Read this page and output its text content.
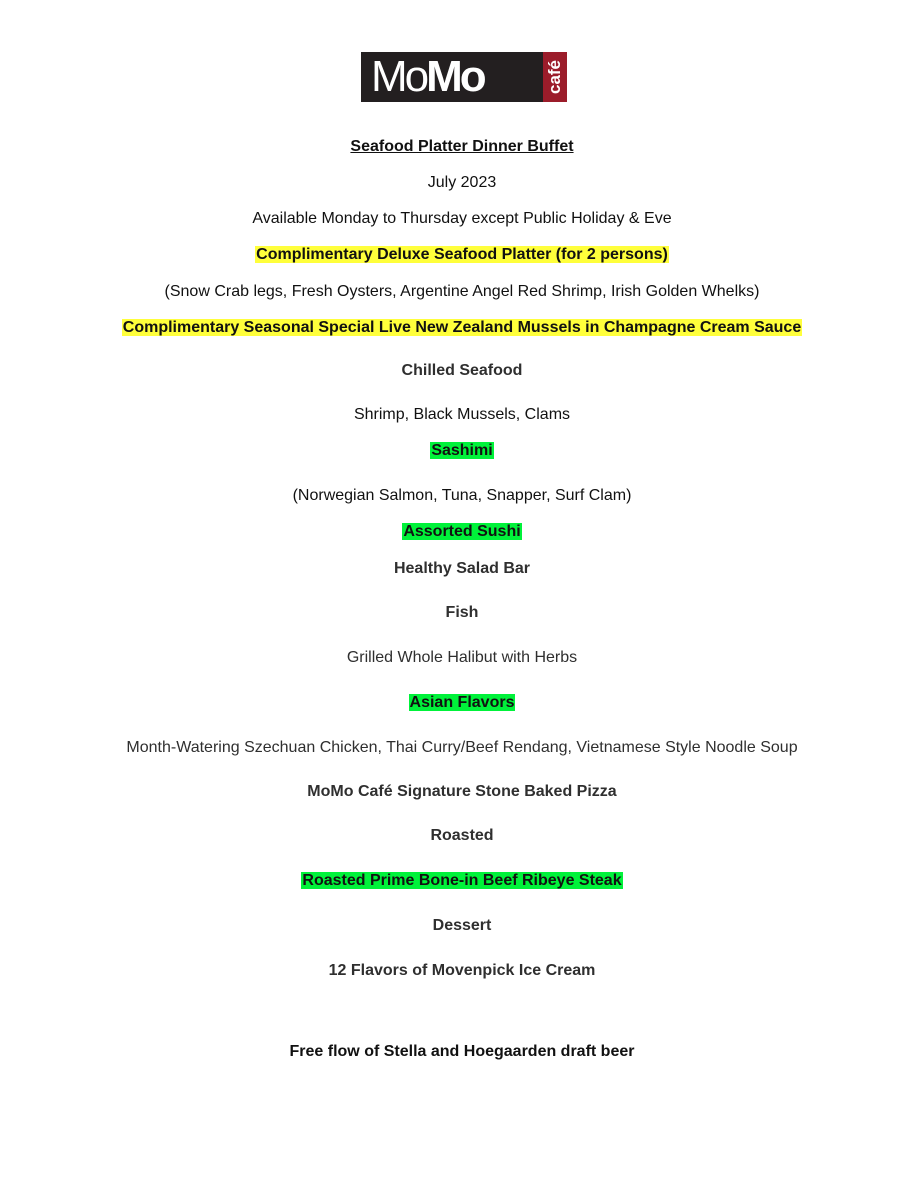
MoMo	café
Seafood Platter Dinner Buffet
July 2023
Available Monday to Thursday except Public Holiday & Eve
Complimentary Deluxe Seafood Platter (for 2 persons)
(Snow Crab legs, Fresh Oysters, Argentine Angel Red Shrimp, Irish Golden Whelks)
Complimentary Seasonal Special Live New Zealand Mussels in Champagne Cream Sauce
Chilled Seafood
Shrimp, Black Mussels, Clams
Sashimi
(Norwegian Salmon, Tuna, Snapper, Surf Clam)
Assorted Sushi
Healthy Salad Bar
Fish
Grilled Whole Halibut with Herbs
Asian Flavors
Month-Watering Szechuan Chicken, Thai Curry/Beef Rendang, Vietnamese Style Noodle Soup
MoMo Café Signature Stone Baked Pizza
Roasted
Roasted Prime Bone-in Beef Ribeye Steak
Dessert
12 Flavors of Movenpick Ice Cream
Free flow of Stella and Hoegaarden draft beer
